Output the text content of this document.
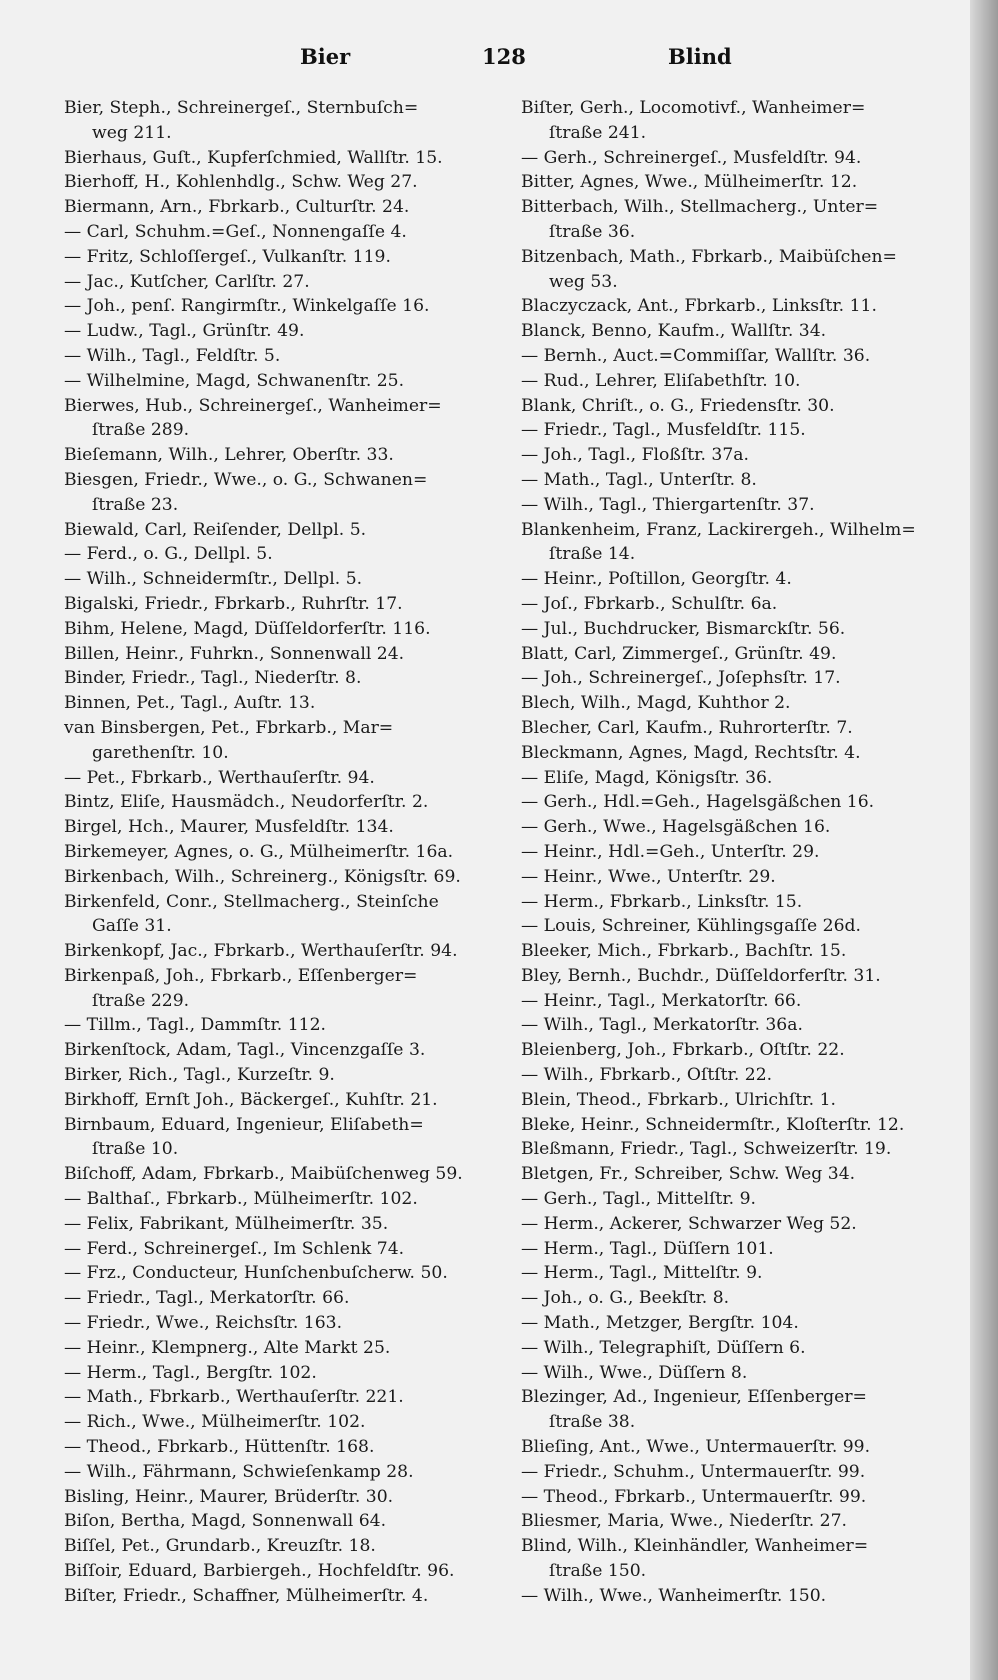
Bier	128	Blind
Bier, Steph., Schreinergeſ., Sternbuſch=
weg 211.
Bierhaus, Guſt., Kupferſchmied, Wallſtr. 15.
Bierhoff, H., Kohlenhdlg., Schw. Weg 27.
Biermann, Arn., Fbrkarb., Culturſtr. 24.
— Carl, Schuhm.=Geſ., Nonnengaſſe 4.
— Fritz, Schloſſergeſ., Vulkanſtr. 119.
— Jac., Kutſcher, Carlſtr. 27.
— Joh., penſ. Rangirmſtr., Winkelgaſſe 16.
— Ludw., Tagl., Grünſtr. 49.
— Wilh., Tagl., Feldſtr. 5.
— Wilhelmine, Magd, Schwanenſtr. 25.
Bierwes, Hub., Schreinergeſ., Wanheimer=
ſtraße 289.
Bieſemann, Wilh., Lehrer, Oberſtr. 33.
Biesgen, Friedr., Wwe., o. G., Schwanen=
ſtraße 23.
Biewald, Carl, Reiſender, Dellpl. 5.
— Ferd., o. G., Dellpl. 5.
— Wilh., Schneidermſtr., Dellpl. 5.
Bigalski, Friedr., Fbrkarb., Ruhrſtr. 17.
Bihm, Helene, Magd, Düſſeldorferſtr. 116.
Billen, Heinr., Fuhrkn., Sonnenwall 24.
Binder, Friedr., Tagl., Niederſtr. 8.
Binnen, Pet., Tagl., Auſtr. 13.
van Binsbergen, Pet., Fbrkarb., Mar=
garethenſtr. 10.
— Pet., Fbrkarb., Werthauſerſtr. 94.
Bintz, Eliſe, Hausmädch., Neudorferſtr. 2.
Birgel, Hch., Maurer, Musfeldſtr. 134.
Birkemeyer, Agnes, o. G., Mülheimerſtr. 16a.
Birkenbach, Wilh., Schreinerg., Königsſtr. 69.
Birkenfeld, Conr., Stellmacherg., Steinſche
Gaſſe 31.
Birkenkopf, Jac., Fbrkarb., Werthauſerſtr. 94.
Birkenpaß, Joh., Fbrkarb., Eſſenberger=
ſtraße 229.
— Tillm., Tagl., Dammſtr. 112.
Birkenſtock, Adam, Tagl., Vincenzgaſſe 3.
Birker, Rich., Tagl., Kurzeſtr. 9.
Birkhoff, Ernſt Joh., Bäckergeſ., Kuhſtr. 21.
Birnbaum, Eduard, Ingenieur, Eliſabeth=
ſtraße 10.
Biſchoff, Adam, Fbrkarb., Maibüſchenweg 59.
— Balthaſ., Fbrkarb., Mülheimerſtr. 102.
— Felix, Fabrikant, Mülheimerſtr. 35.
— Ferd., Schreinergeſ., Im Schlenk 74.
— Frz., Conducteur, Hunſchenbuſcherw. 50.
— Friedr., Tagl., Merkatorſtr. 66.
— Friedr., Wwe., Reichsſtr. 163.
— Heinr., Klempnerg., Alte Markt 25.
— Herm., Tagl., Bergſtr. 102.
— Math., Fbrkarb., Werthauſerſtr. 221.
— Rich., Wwe., Mülheimerſtr. 102.
— Theod., Fbrkarb., Hüttenſtr. 168.
— Wilh., Fährmann, Schwieſenkamp 28.
Bisling, Heinr., Maurer, Brüderſtr. 30.
Biſon, Bertha, Magd, Sonnenwall 64.
Biſſel, Pet., Grundarb., Kreuzſtr. 18.
Biſſoir, Eduard, Barbiergeh., Hochfeldſtr. 96.
Biſter, Friedr., Schaffner, Mülheimerſtr. 4.
Biſter, Gerh., Locomotivf., Wanheimer=
ſtraße 241.
— Gerh., Schreinergeſ., Musfeldſtr. 94.
Bitter, Agnes, Wwe., Mülheimerſtr. 12.
Bitterbach, Wilh., Stellmacherg., Unter=
ſtraße 36.
Bitzenbach, Math., Fbrkarb., Maibüſchen=
weg 53.
Blaczyczack, Ant., Fbrkarb., Linksſtr. 11.
Blanck, Benno, Kaufm., Wallſtr. 34.
— Bernh., Auct.=Commiſſar, Wallſtr. 36.
— Rud., Lehrer, Eliſabethſtr. 10.
Blank, Chriſt., o. G., Friedensſtr. 30.
— Friedr., Tagl., Musfeldſtr. 115.
— Joh., Tagl., Floßſtr. 37a.
— Math., Tagl., Unterſtr. 8.
— Wilh., Tagl., Thiergartenſtr. 37.
Blankenheim, Franz, Lackirergeh., Wilhelm=
ſtraße 14.
— Heinr., Poſtillon, Georgſtr. 4.
— Joſ., Fbrkarb., Schulſtr. 6a.
— Jul., Buchdrucker, Bismarckſtr. 56.
Blatt, Carl, Zimmergeſ., Grünſtr. 49.
— Joh., Schreinergeſ., Joſephsſtr. 17.
Blech, Wilh., Magd, Kuhthor 2.
Blecher, Carl, Kaufm., Ruhrorterſtr. 7.
Bleckmann, Agnes, Magd, Rechtsſtr. 4.
— Eliſe, Magd, Königsſtr. 36.
— Gerh., Hdl.=Geh., Hagelsgäßchen 16.
— Gerh., Wwe., Hagelsgäßchen 16.
— Heinr., Hdl.=Geh., Unterſtr. 29.
— Heinr., Wwe., Unterſtr. 29.
— Herm., Fbrkarb., Linksſtr. 15.
— Louis, Schreiner, Kühlingsgaſſe 26d.
Bleeker, Mich., Fbrkarb., Bachſtr. 15.
Bley, Bernh., Buchdr., Düſſeldorferſtr. 31.
— Heinr., Tagl., Merkatorſtr. 66.
— Wilh., Tagl., Merkatorſtr. 36a.
Bleienberg, Joh., Fbrkarb., Oſtſtr. 22.
— Wilh., Fbrkarb., Oſtſtr. 22.
Blein, Theod., Fbrkarb., Ulrichſtr. 1.
Bleke, Heinr., Schneidermſtr., Kloſterſtr. 12.
Bleßmann, Friedr., Tagl., Schweizerſtr. 19.
Bletgen, Fr., Schreiber, Schw. Weg 34.
— Gerh., Tagl., Mittelſtr. 9.
— Herm., Ackerer, Schwarzer Weg 52.
— Herm., Tagl., Düſſern 101.
— Herm., Tagl., Mittelſtr. 9.
— Joh., o. G., Beekſtr. 8.
— Math., Metzger, Bergſtr. 104.
— Wilh., Telegraphiſt, Düſſern 6.
— Wilh., Wwe., Düſſern 8.
Blezinger, Ad., Ingenieur, Eſſenberger=
ſtraße 38.
Blieſing, Ant., Wwe., Untermauerſtr. 99.
— Friedr., Schuhm., Untermauerſtr. 99.
— Theod., Fbrkarb., Untermauerſtr. 99.
Bliesmer, Maria, Wwe., Niederſtr. 27.
Blind, Wilh., Kleinhändler, Wanheimer=
ſtraße 150.
— Wilh., Wwe., Wanheimerſtr. 150.
